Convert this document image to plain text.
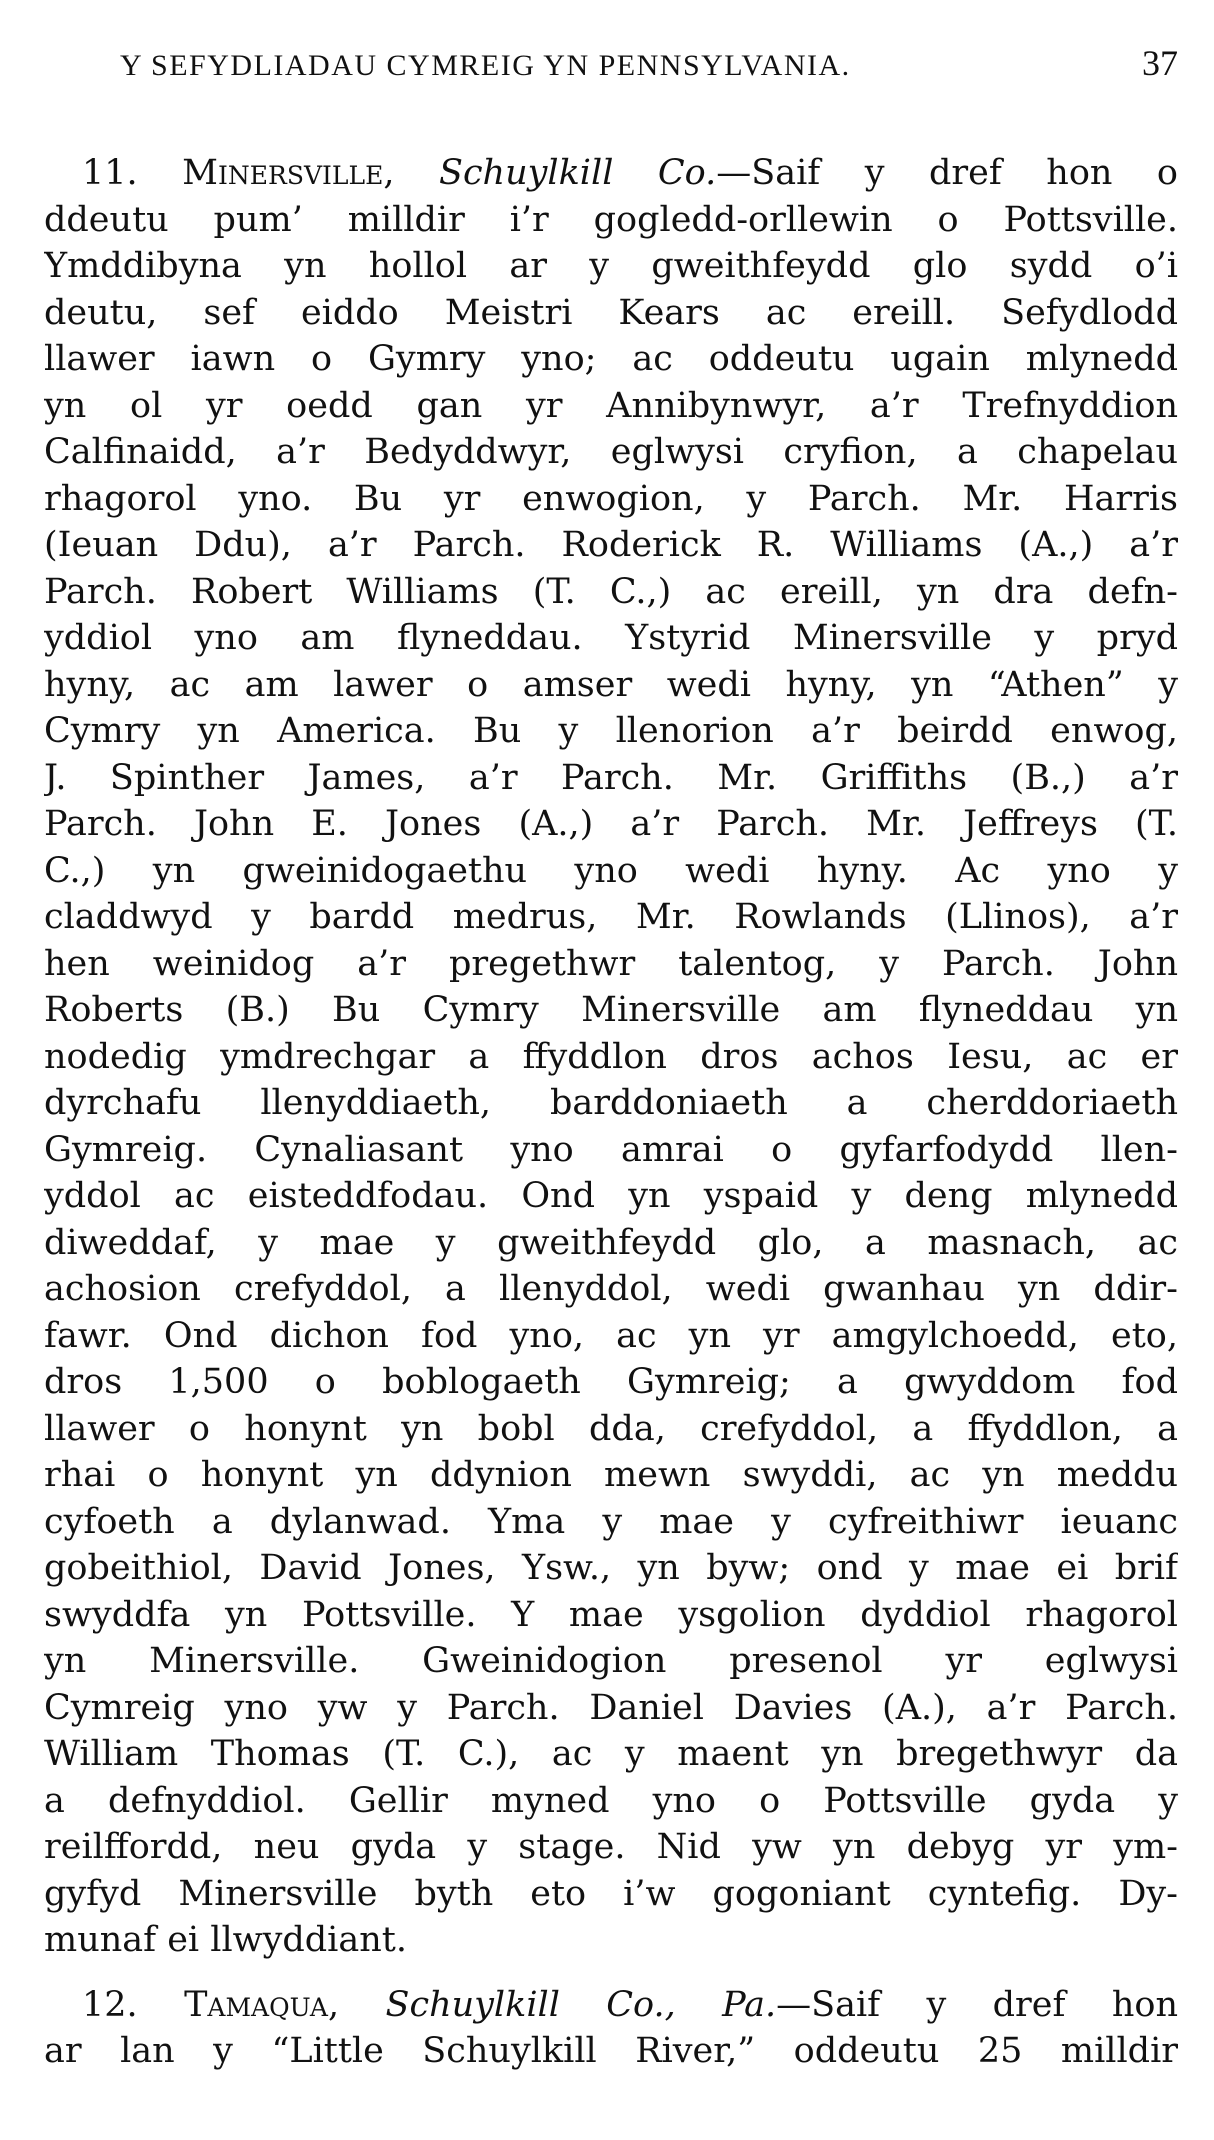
Y SEFYDLIADAU CYMREIG YN PENNSYLVANIA.	37
11. Minersville, Schuylkill Co.—Saif y dref hon o
ddeutu pum’ milldir i’r gogledd-orllewin o Pottsville.
Ymddibyna yn hollol ar y gweithfeydd glo sydd o’i
deutu, sef eiddo Meistri Kears ac ereill. Sefydlodd
llawer iawn o Gymry yno; ac oddeutu ugain mlynedd
yn ol yr oedd gan yr Annibynwyr, a’r Trefnyddion
Calfinaidd, a’r Bedyddwyr, eglwysi cryfion, a chapelau
rhagorol yno. Bu yr enwogion, y Parch. Mr. Harris
(Ieuan Ddu), a’r Parch. Roderick R. Williams (A.,) a’r
Parch. Robert Williams (T. C.,) ac ereill, yn dra defn-
yddiol yno am flyneddau. Ystyrid Minersville y pryd
hyny, ac am lawer o amser wedi hyny, yn “Athen” y
Cymry yn America. Bu y llenorion a’r beirdd enwog,
J. Spinther James, a’r Parch. Mr. Griffiths (B.,) a’r
Parch. John E. Jones (A.,) a’r Parch. Mr. Jeffreys (T.
C.,) yn gweinidogaethu yno wedi hyny. Ac yno y
claddwyd y bardd medrus, Mr. Rowlands (Llinos), a’r
hen weinidog a’r pregethwr talentog, y Parch. John
Roberts (B.) Bu Cymry Minersville am flyneddau yn
nodedig ymdrechgar a ffyddlon dros achos Iesu, ac er
dyrchafu llenyddiaeth, barddoniaeth a cherddoriaeth
Gymreig. Cynaliasant yno amrai o gyfarfodydd llen-
yddol ac eisteddfodau. Ond yn yspaid y deng mlynedd
diweddaf, y mae y gweithfeydd glo, a masnach, ac
achosion crefyddol, a llenyddol, wedi gwanhau yn ddir-
fawr. Ond dichon fod yno, ac yn yr amgylchoedd, eto,
dros 1,500 o boblogaeth Gymreig; a gwyddom fod
llawer o honynt yn bobl dda, crefyddol, a ffyddlon, a
rhai o honynt yn ddynion mewn swyddi, ac yn meddu
cyfoeth a dylanwad. Yma y mae y cyfreithiwr ieuanc
gobeithiol, David Jones, Ysw., yn byw; ond y mae ei brif
swyddfa yn Pottsville. Y mae ysgolion dyddiol rhagorol
yn Minersville. Gweinidogion presenol yr eglwysi
Cymreig yno yw y Parch. Daniel Davies (A.), a’r Parch.
William Thomas (T. C.), ac y maent yn bregethwyr da
a defnyddiol. Gellir myned yno o Pottsville gyda y
reilffordd, neu gyda y stage. Nid yw yn debyg yr ym-
gyfyd Minersville byth eto i’w gogoniant cyntefig. Dy-
munaf ei llwyddiant.
12. Tamaqua, Schuylkill Co., Pa.—Saif y dref hon
ar lan y “Little Schuylkill River,” oddeutu 25 milldir
